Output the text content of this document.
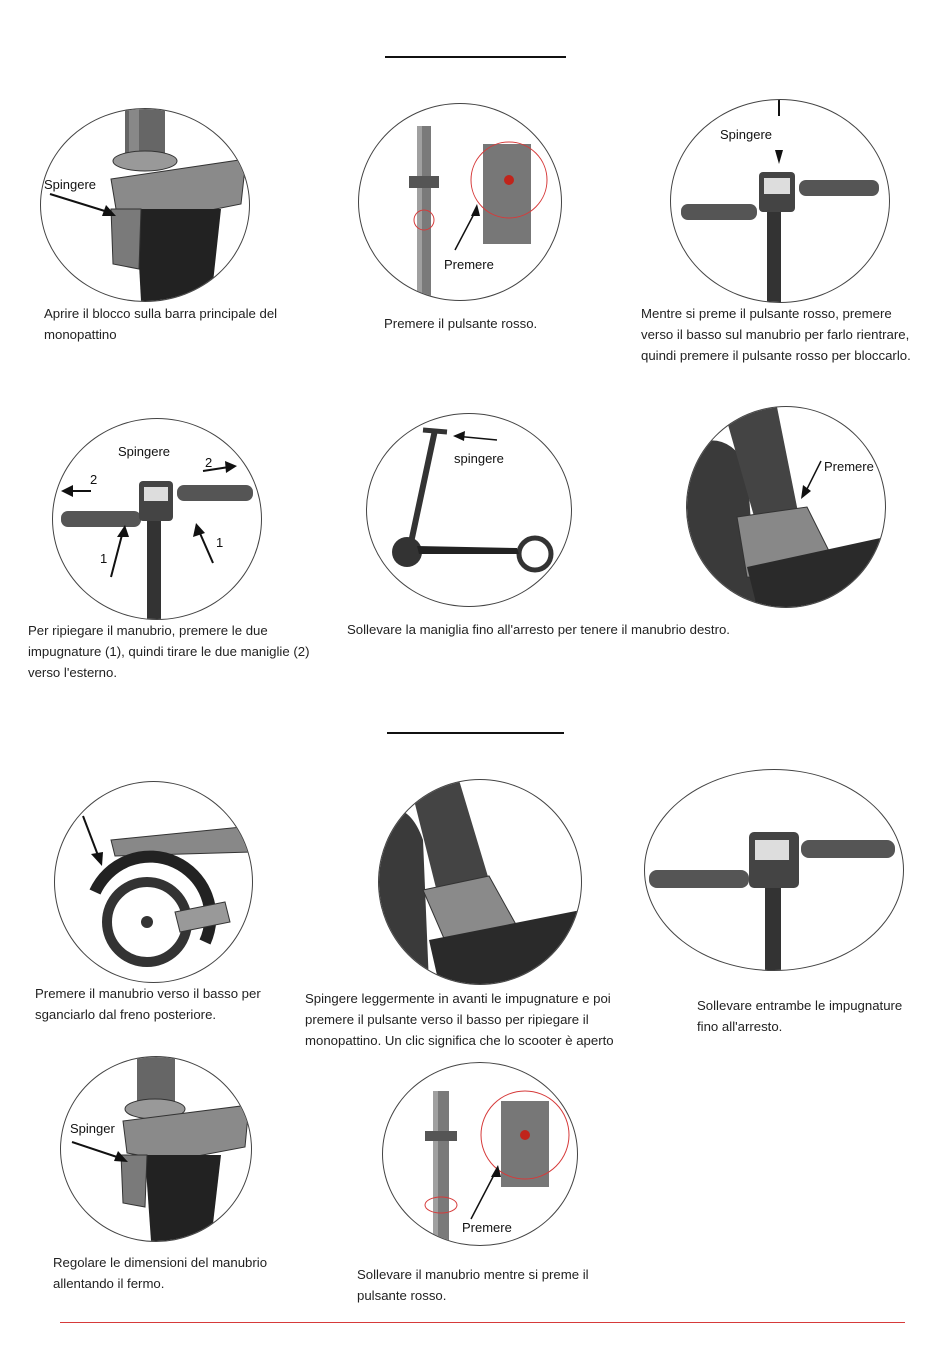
Spingere
Aprire il blocco sulla barra principale del monopattino
Premere
Premere il pulsante rosso.
Spingere
Mentre si preme il pulsante rosso, premere verso il basso sul manubrio per farlo rientrare, quindi premere il pulsante rosso per bloccarlo.
Spingere
2
2
1
1
Per ripiegare il manubrio, premere le due impugnature (1), quindi tirare le due maniglie (2) verso l'esterno.
spingere
Sollevare la maniglia fino all'arresto per tenere il manubrio destro.
Premere
Premere il manubrio verso il basso per sganciarlo dal freno posteriore.
Spingere leggermente in avanti le impugnature e poi premere il pulsante verso il basso per ripiegare il monopattino. Un clic significa che lo scooter è aperto
Sollevare entrambe le impugnature fino all'arresto.
Spinger
Regolare le dimensioni del manubrio allentando il fermo.
Premere
Sollevare il manubrio mentre si preme il pulsante rosso.
